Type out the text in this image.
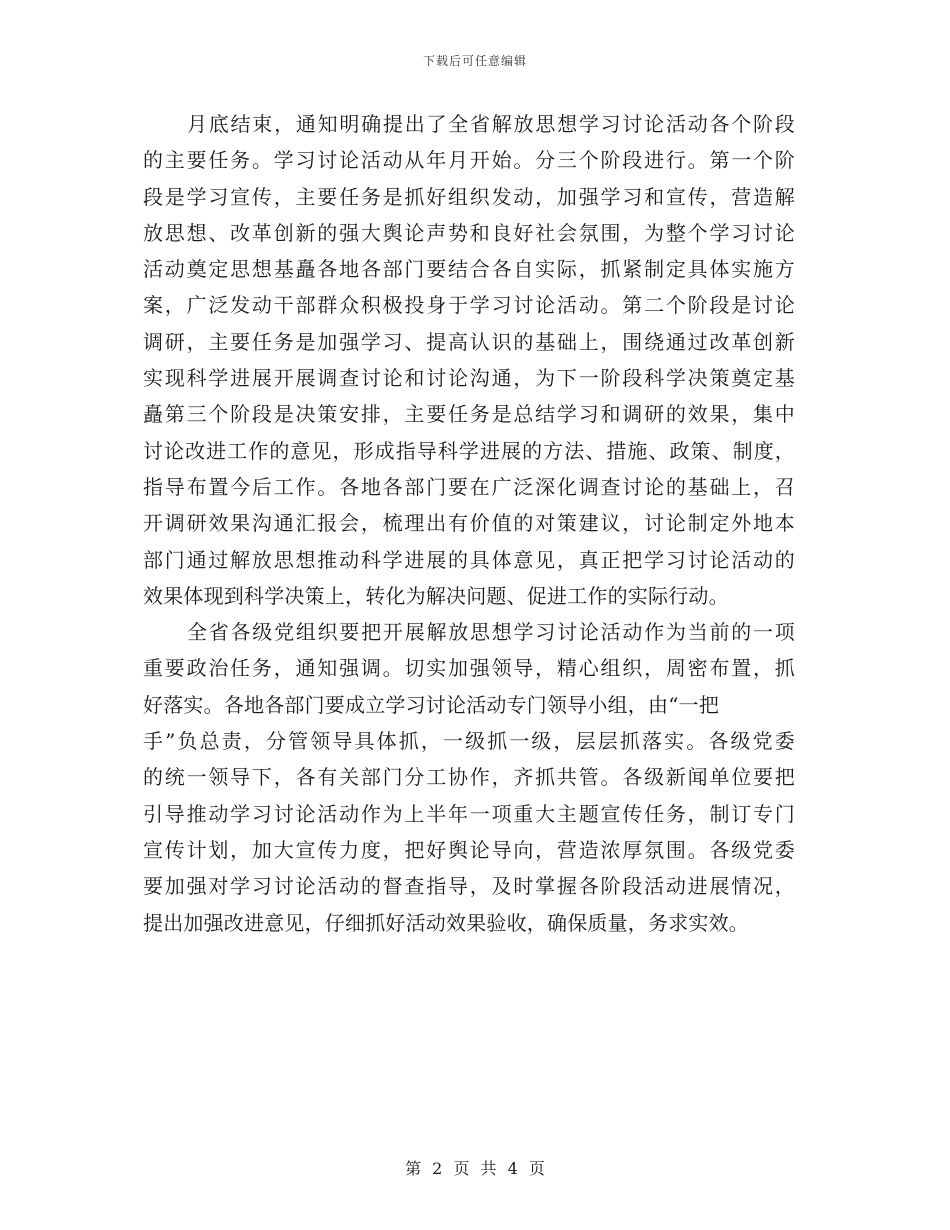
下载后可任意编辑
月底结束，通知明确提出了全省解放思想学习讨论活动各个阶段
的主要任务。学习讨论活动从年月开始。分三个阶段进行。第一个阶
段是学习宣传，主要任务是抓好组织发动，加强学习和宣传，营造解
放思想、改革创新的强大舆论声势和良好社会氛围，为整个学习讨论
活动奠定思想基矗各地各部门要结合各自实际，抓紧制定具体实施方
案，广泛发动干部群众积极投身于学习讨论活动。第二个阶段是讨论
调研，主要任务是加强学习、提高认识的基础上，围绕通过改革创新
实现科学进展开展调查讨论和讨论沟通，为下一阶段科学决策奠定基
矗第三个阶段是决策安排，主要任务是总结学习和调研的效果，集中
讨论改进工作的意见，形成指导科学进展的方法、措施、政策、制度，
指导布置今后工作。各地各部门要在广泛深化调查讨论的基础上，召
开调研效果沟通汇报会，梳理出有价值的对策建议，讨论制定外地本
部门通过解放思想推动科学进展的具体意见，真正把学习讨论活动的
效果体现到科学决策上，转化为解决问题、促进工作的实际行动。
全省各级党组织要把开展解放思想学习讨论活动作为当前的一项
重要政治任务，通知强调。切实加强领导，精心组织，周密布置，抓
好落实。各地各部门要成立学习讨论活动专门领导小组，由“一把
手”负总责，分管领导具体抓，一级抓一级，层层抓落实。各级党委
的统一领导下，各有关部门分工协作，齐抓共管。各级新闻单位要把
引导推动学习讨论活动作为上半年一项重大主题宣传任务，制订专门
宣传计划，加大宣传力度，把好舆论导向，营造浓厚氛围。各级党委
要加强对学习讨论活动的督查指导，及时掌握各阶段活动进展情况，
提出加强改进意见，仔细抓好活动效果验收，确保质量，务求实效。
第 2 页 共 4 页
